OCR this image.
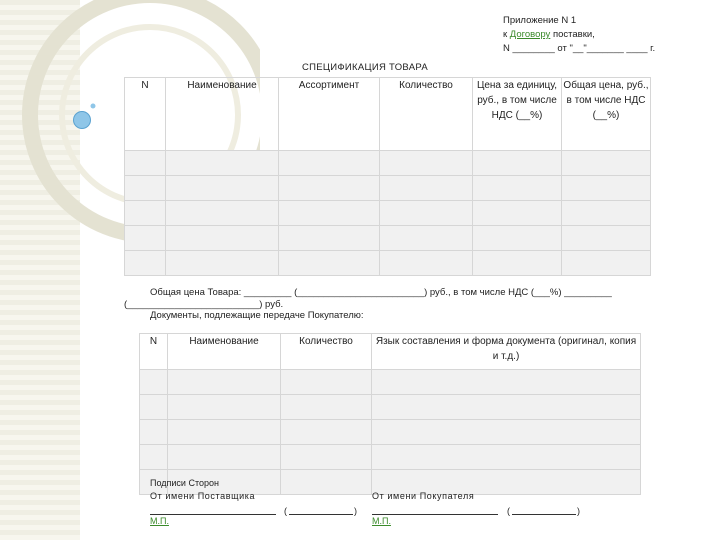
Приложение N 1
к Договору поставки,
N ________ от "__"_______ ____ г.
СПЕЦИФИКАЦИЯ ТОВАРА
N	Наименование	Ассортимент	Количество	Цена за единицу, руб., в том числе НДС (__%)	Общая цена, руб., в том числе НДС (__%)

Общая цена Товара: _________ (________________________) руб., в том числе НДС (___%) _________
(_________________________) руб.
Документы, подлежащие передаче Покупателю:
N	Наименование	Количество	Язык составления и форма документа (оригинал, копия и т.д.)

Подписи Сторон
От имени Поставщика	От имени Покупателя
(	)
М.П.
(	)
М.П.
